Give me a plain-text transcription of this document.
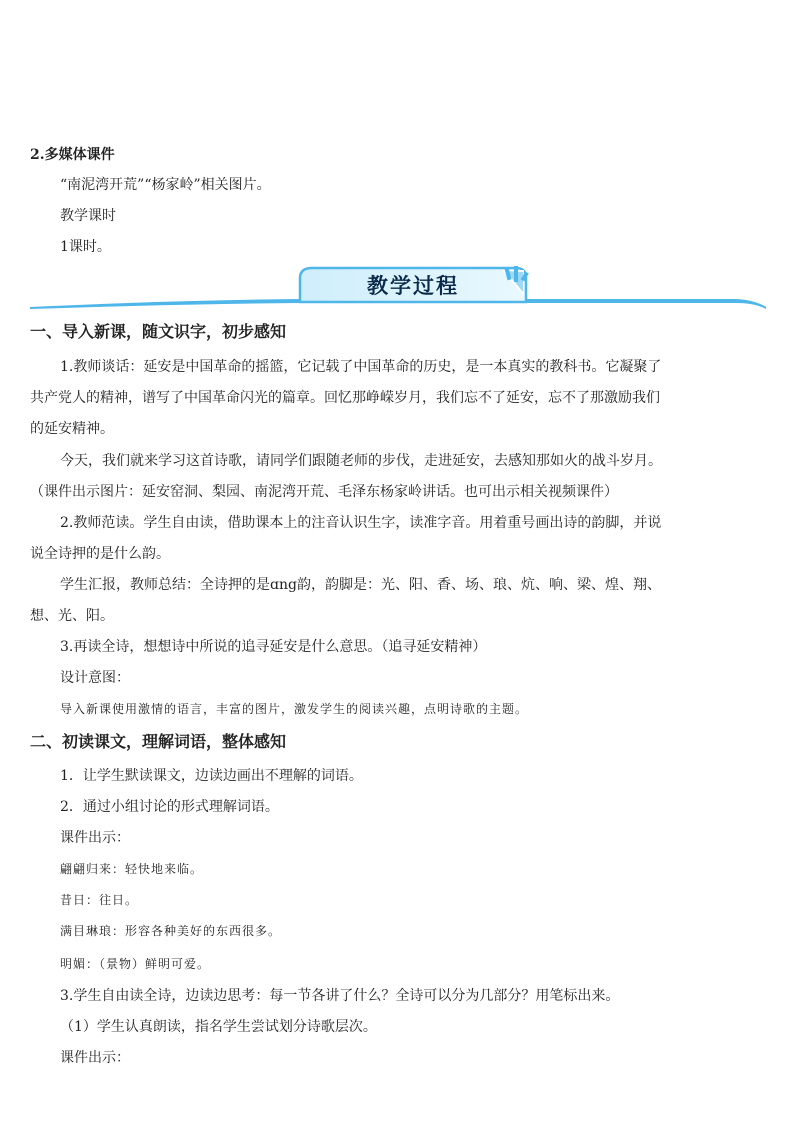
2.多媒体课件
“南泥湾开荒”“杨家岭”相关图片。
教学课时
1课时。
教学过程
一、导入新课，随文识字，初步感知
1.教师谈话：延安是中国革命的摇篮，它记载了中国革命的历史，是一本真实的教科书。它凝聚了
共产党人的精神，谱写了中国革命闪光的篇章。回忆那峥嵘岁月，我们忘不了延安，忘不了那激励我们
的延安精神。
今天，我们就来学习这首诗歌，请同学们跟随老师的步伐，走进延安，去感知那如火的战斗岁月。
（课件出示图片：延安窑洞、梨园、南泥湾开荒、毛泽东杨家岭讲话。也可出示相关视频课件）
2.教师范读。学生自由读，借助课本上的注音认识生字，读准字音。用着重号画出诗的韵脚，并说
说全诗押的是什么韵。
学生汇报，教师总结：全诗押的是ɑng韵，韵脚是：光、阳、香、场、琅、炕、响、梁、煌、翔、
想、光、阳。
3.再读全诗，想想诗中所说的追寻延安是什么意思。（追寻延安精神）
设计意图：
导入新课使用激情的语言，丰富的图片，激发学生的阅读兴趣，点明诗歌的主题。
二、初读课文，理解词语，整体感知
1．让学生默读课文，边读边画出不理解的词语。
2．通过小组讨论的形式理解词语。
课件出示：
翩翩归来：轻快地来临。
昔日：往日。
满目琳琅：形容各种美好的东西很多。
明媚：（景物）鲜明可爱。
3.学生自由读全诗，边读边思考：每一节各讲了什么？全诗可以分为几部分？用笔标出来。
（1）学生认真朗读，指名学生尝试划分诗歌层次。
课件出示：
